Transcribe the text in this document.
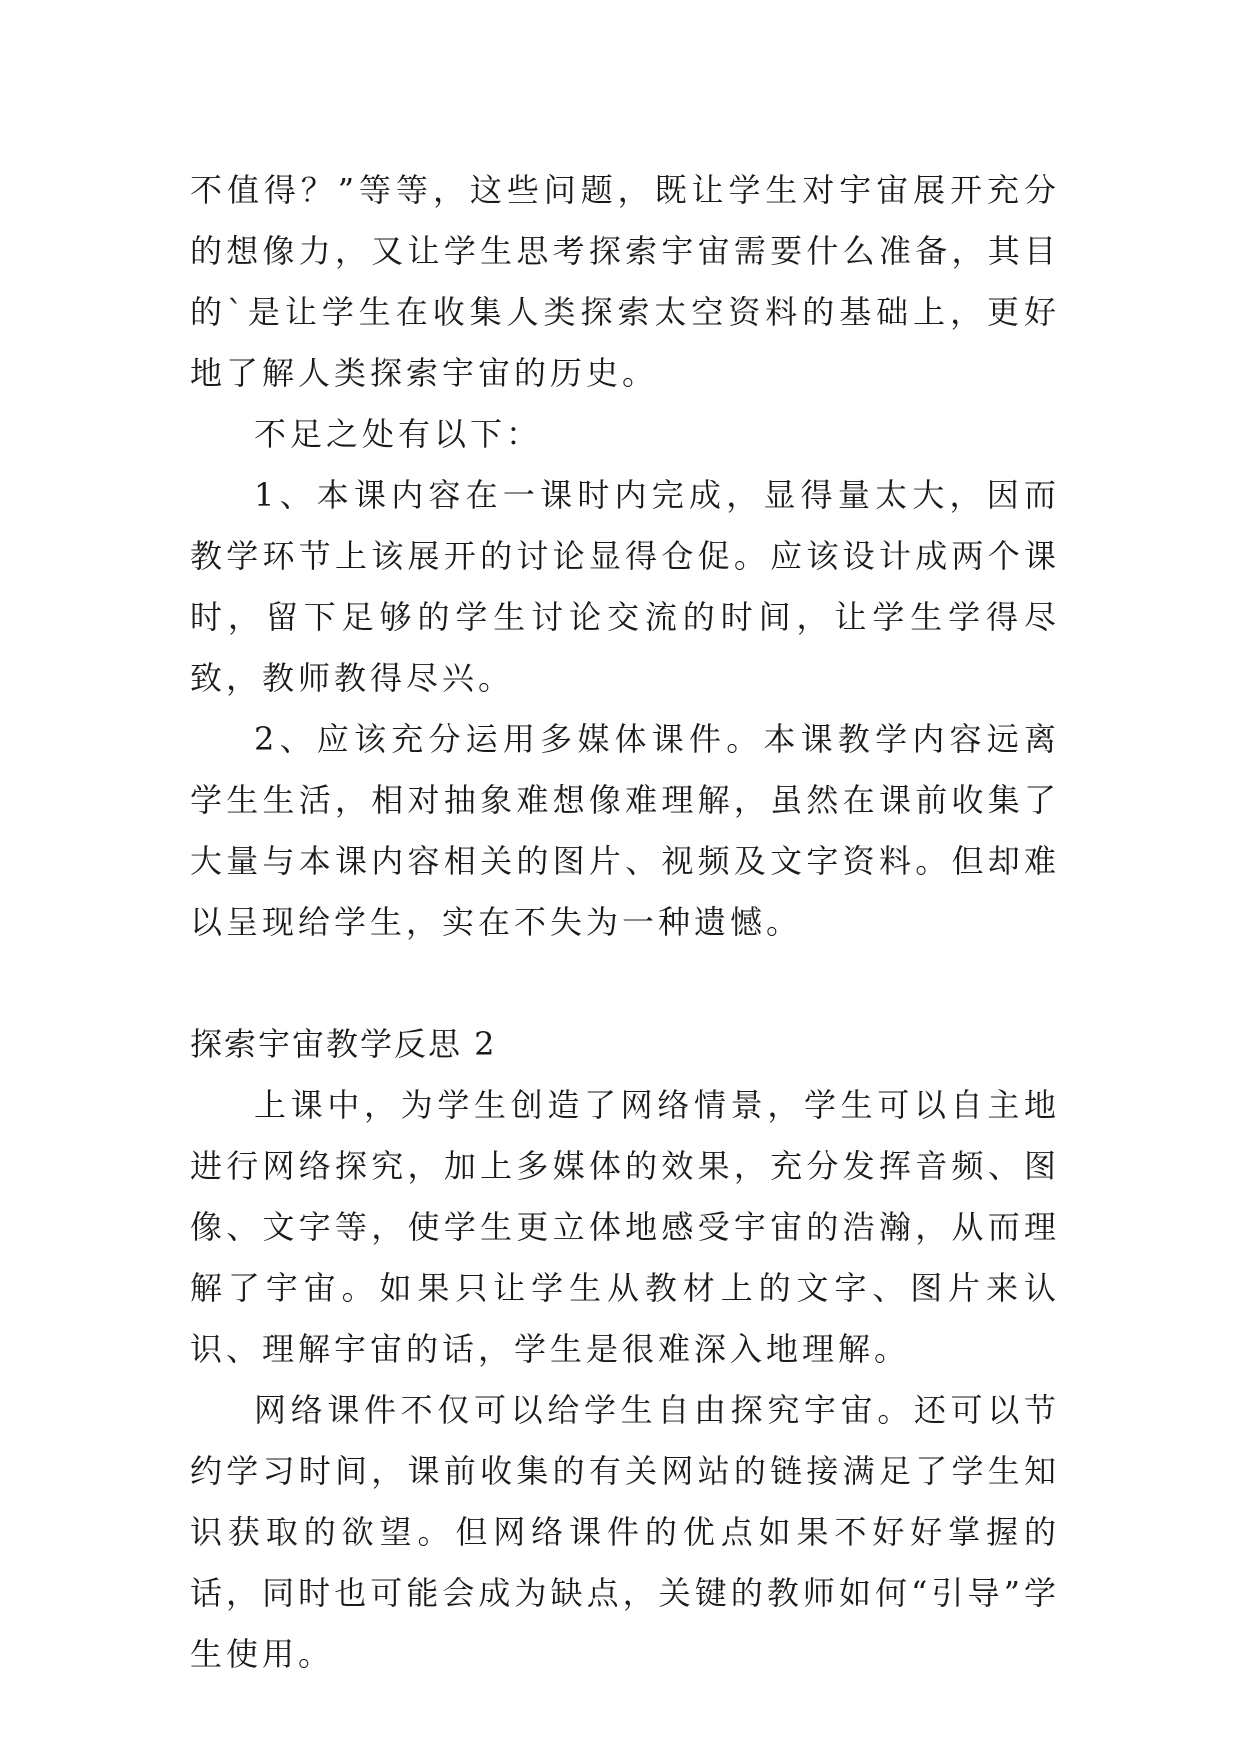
不值得？”等等，这些问题，既让学生对宇宙展开充分的想像力，又让学生思考探索宇宙需要什么准备，其目的`是让学生在收集人类探索太空资料的基础上，更好地了解人类探索宇宙的历史。

不足之处有以下：

1、本课内容在一课时内完成，显得量太大，因而教学环节上该展开的讨论显得仓促。应该设计成两个课时，留下足够的学生讨论交流的时间，让学生学得尽致，教师教得尽兴。

2、应该充分运用多媒体课件。本课教学内容远离学生生活，相对抽象难想像难理解，虽然在课前收集了大量与本课内容相关的图片、视频及文字资料。但却难以呈现给学生，实在不失为一种遗憾。

探索宇宙教学反思 2

上课中，为学生创造了网络情景，学生可以自主地进行网络探究，加上多媒体的效果，充分发挥音频、图像、文字等，使学生更立体地感受宇宙的浩瀚，从而理解了宇宙。如果只让学生从教材上的文字、图片来认识、理解宇宙的话，学生是很难深入地理解。

网络课件不仅可以给学生自由探究宇宙。还可以节约学习时间，课前收集的有关网站的链接满足了学生知识获取的欲望。但网络课件的优点如果不好好掌握的话，同时也可能会成为缺点，关键的教师如何“引导”学生使用。
